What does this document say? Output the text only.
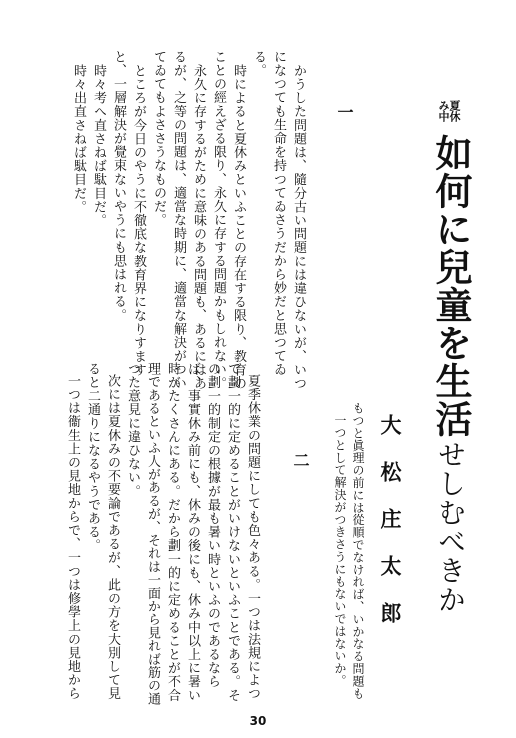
一
かうした問題は、隨分古い問題には違ひないが、いつ
になつても生命を持つてゐさうだから妙だと思つてゐ
る。
時によると夏休みといふことの存在する限り、教育の
ことの經えざる限り、永久に存する問題かもしれない。
永久に存するがために意味のある問題も、あるにはあ
るが、之等の問題は、適當な時期に、適當な解決がつい
てゐてもよささうなものだ。
ところが今日のやうに不徹底な教育界になりすます
と、一層解決が覺束ないやうにも思はれる。
時々考へ直さねば駄目だ。
時々出直さねば駄目だ。	夏休み中
如何に兒童を生活
せしむべきか
大松庄太郎
もつと眞理の前には從順でなければ、いかなる問題も
一つとして解決がつきさうにもないではないか。
二
夏季休業の問題にしても色々ある。一つは法規によつ
て劃一的に定めることがいけないといふことである。そ
の劃一的制定の根據が最も暑い時といふのであるなら
ば、事實休み前にも、休みの後にも、休み中以上に暑い
時がたくさんにある。だから劃一的に定めることが不合
理であるといふ人があるが、それは一面から見れば筋の通
つた意見に違ひない。
次には夏休みの不要論であるが、此の方を大別して見
ると二通りになるやうである。
一つは衞生上の見地からで、一つは修學上の見地から
30
